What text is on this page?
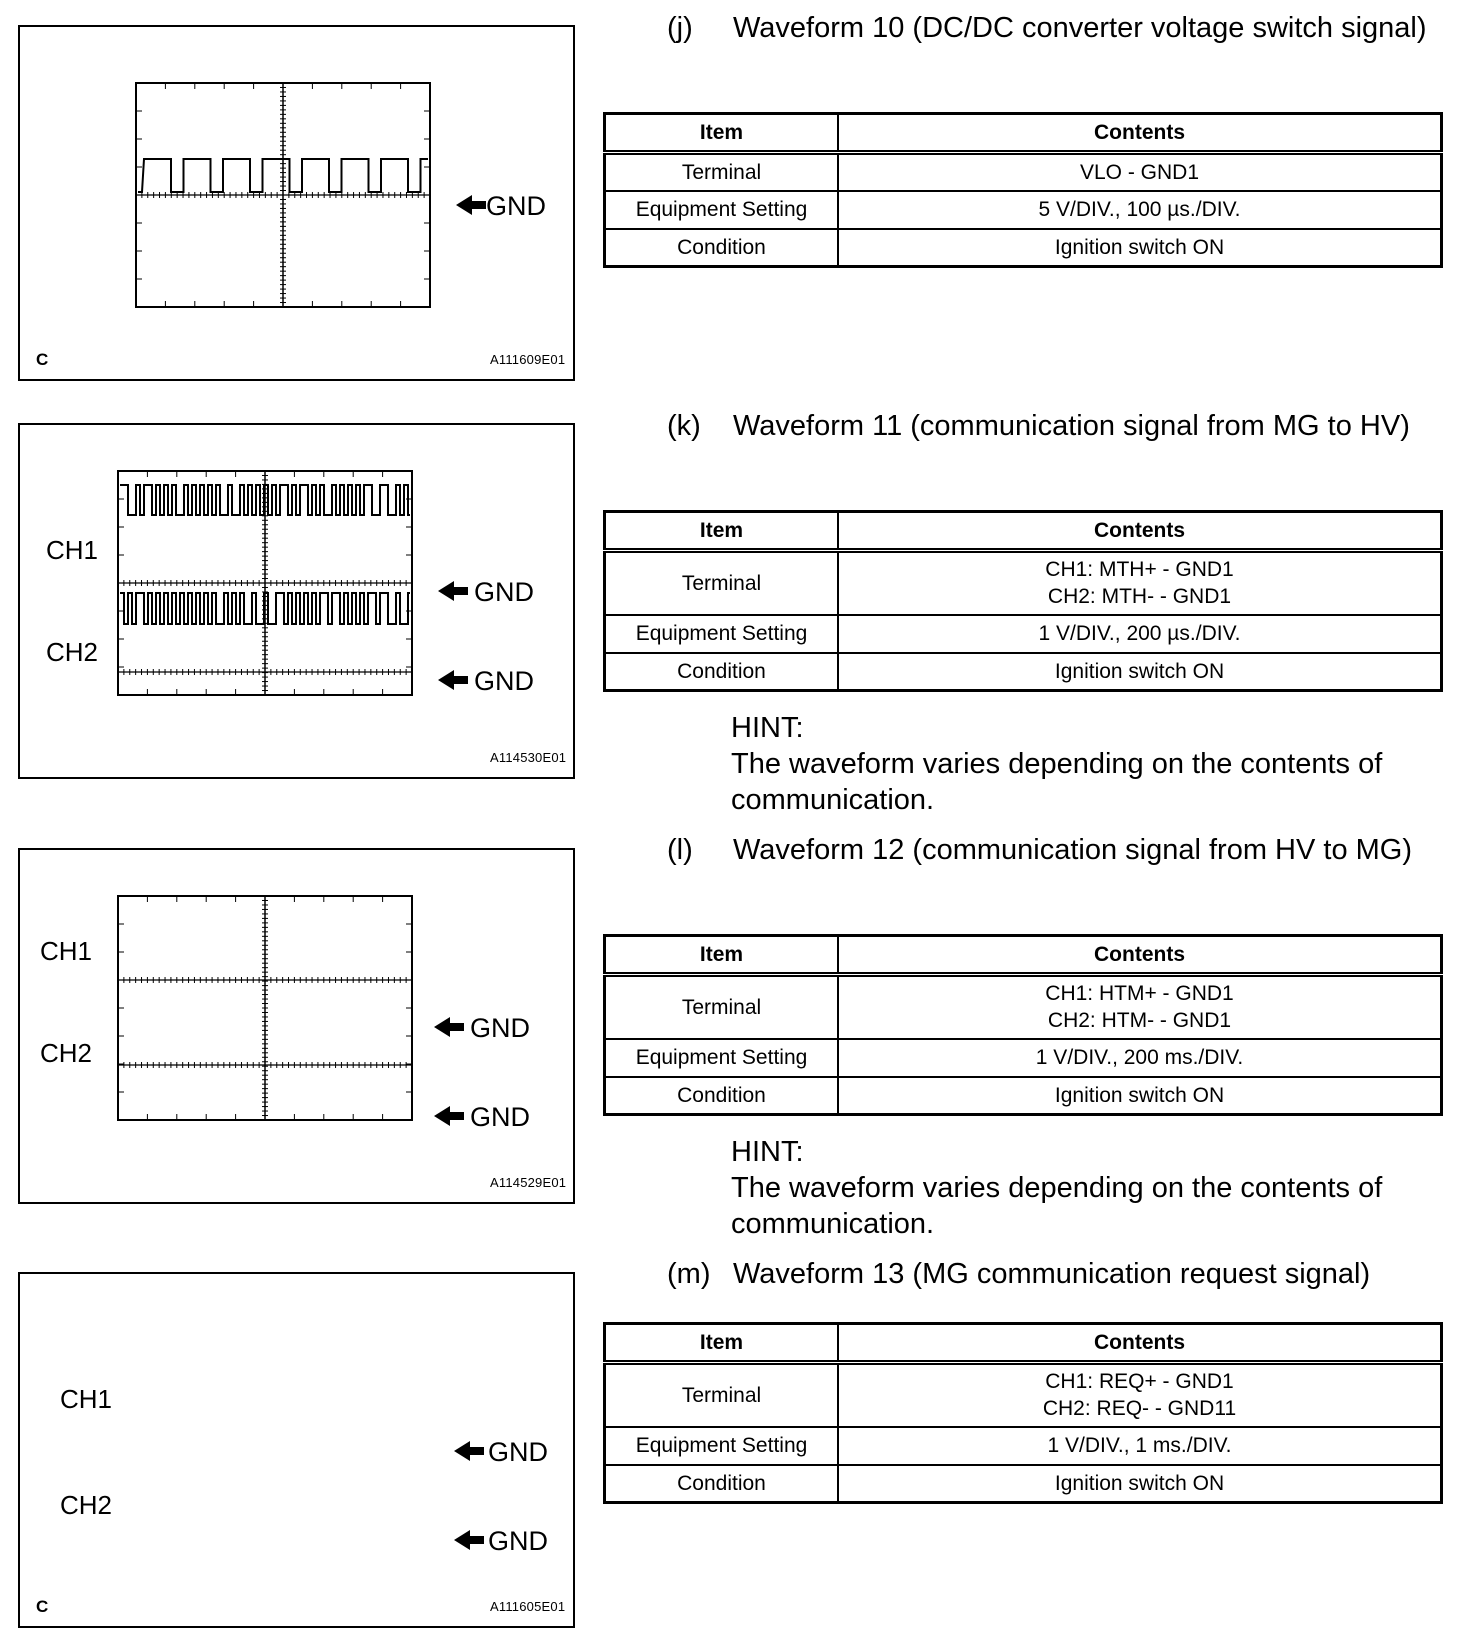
GND
C	A111609E01
CH1
CH2
GND
GND
A114530E01
CH1
CH2
GND
GND
A114529E01
CH1
CH2
GND
GND
C	A111605E01
(j)	Waveform 10 (DC/DC converter voltage switch signal)
Item	Contents
Terminal	VLO - GND1
Equipment Setting	5 V/DIV., 100 µs./DIV.
Condition	Ignition switch ON
(k)	Waveform 11 (communication signal from MG to HV)
Item	Contents
Terminal	CH1: MTH+ - GND1
CH2: MTH- - GND1

Equipment Setting	1 V/DIV., 200 µs./DIV.
Condition	Ignition switch ON
HINT:
The waveform varies depending on the contents of communication.
(l)	Waveform 12 (communication signal from HV to MG)
Item	Contents
Terminal	CH1: HTM+ - GND1
CH2: HTM- - GND1

Equipment Setting	1 V/DIV., 200 ms./DIV.
Condition	Ignition switch ON
HINT:
The waveform varies depending on the contents of communication.
(m) Waveform 13 (MG communication request signal)
Item	Contents
Terminal	CH1: REQ+ - GND1
CH2: REQ- - GND11

Equipment Setting	1 V/DIV., 1 ms./DIV.
Condition	Ignition switch ON
